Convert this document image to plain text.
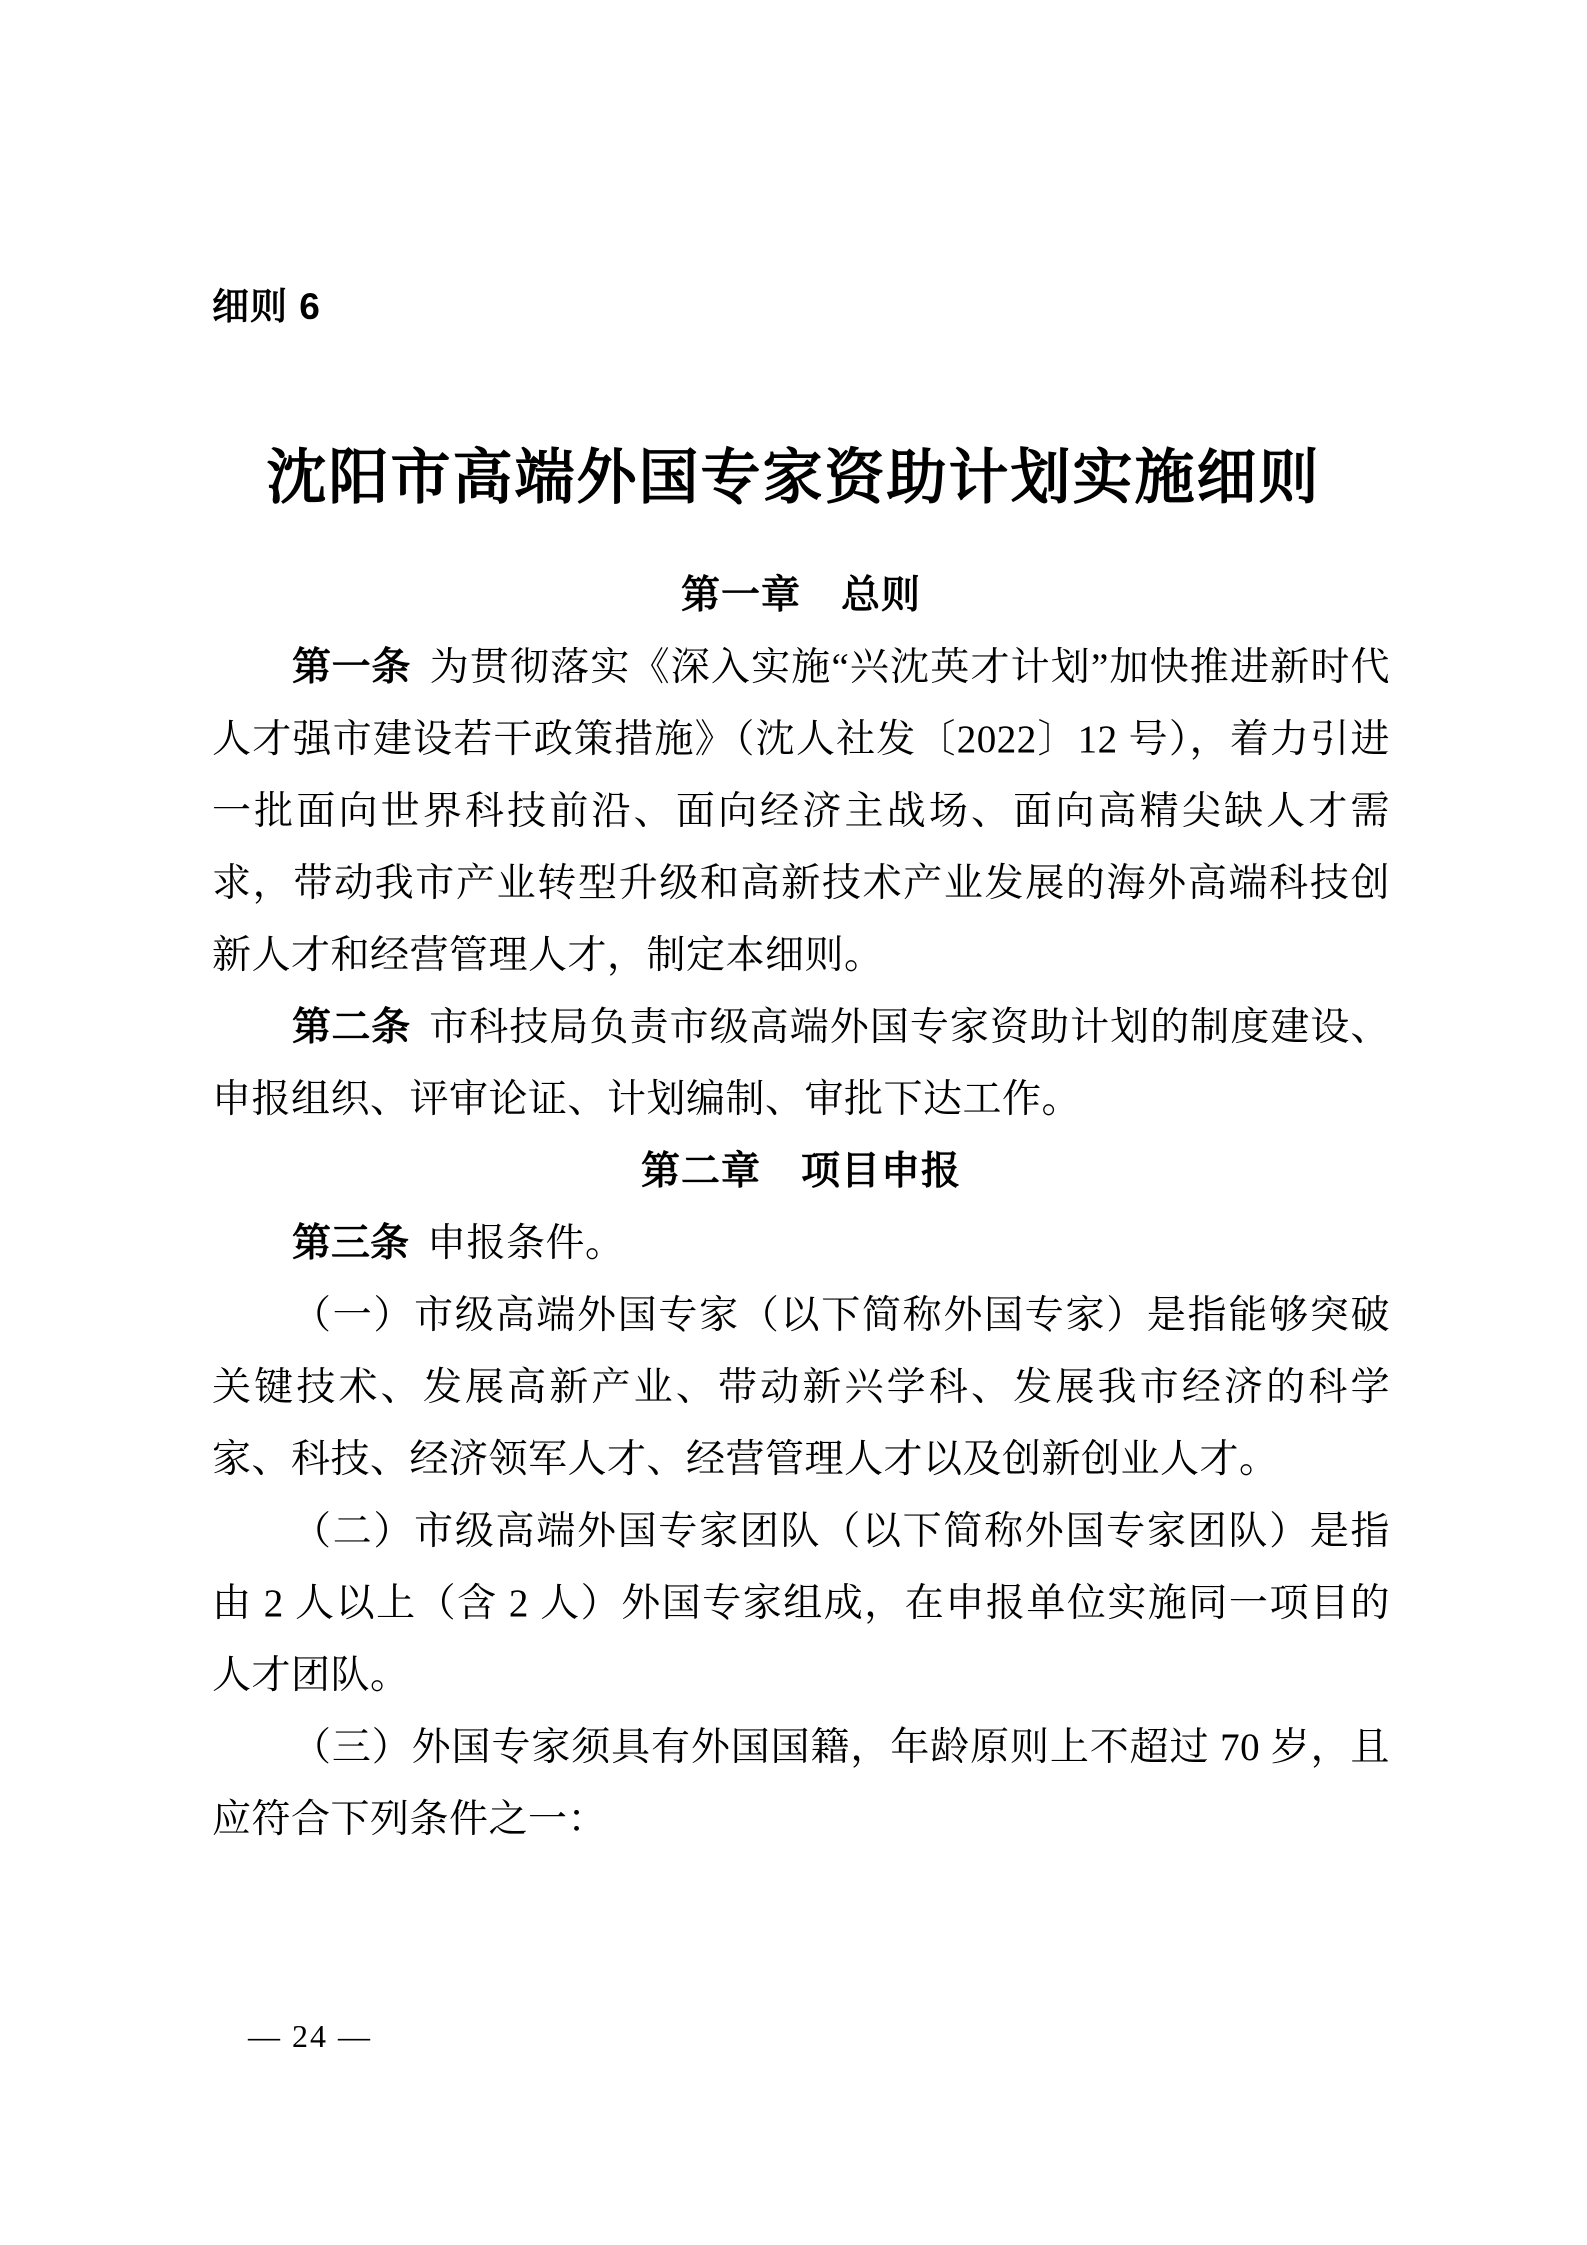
细则 6
沈阳市高端外国专家资助计划实施细则

第一章　总则

第一条 为贯彻落实《深入实施“兴沈英才计划”加快推进新时代人才强市建设若干政策措施》（沈人社发〔2022〕12 号），着力引进一批面向世界科技前沿、面向经济主战场、面向高精尖缺人才需求，带动我市产业转型升级和高新技术产业发展的海外高端科技创新人才和经营管理人才，制定本细则。

第二条 市科技局负责市级高端外国专家资助计划的制度建设、申报组织、评审论证、计划编制、审批下达工作。

第二章　项目申报

第三条 申报条件。

（一）市级高端外国专家（以下简称外国专家）是指能够突破关键技术、发展高新产业、带动新兴学科、发展我市经济的科学家、科技、经济领军人才、经营管理人才以及创新创业人才。

（二）市级高端外国专家团队（以下简称外国专家团队）是指由 2 人以上（含 2 人）外国专家组成，在申报单位实施同一项目的人才团队。

（三）外国专家须具有外国国籍，年龄原则上不超过 70 岁，且应符合下列条件之一：

— 24 —
